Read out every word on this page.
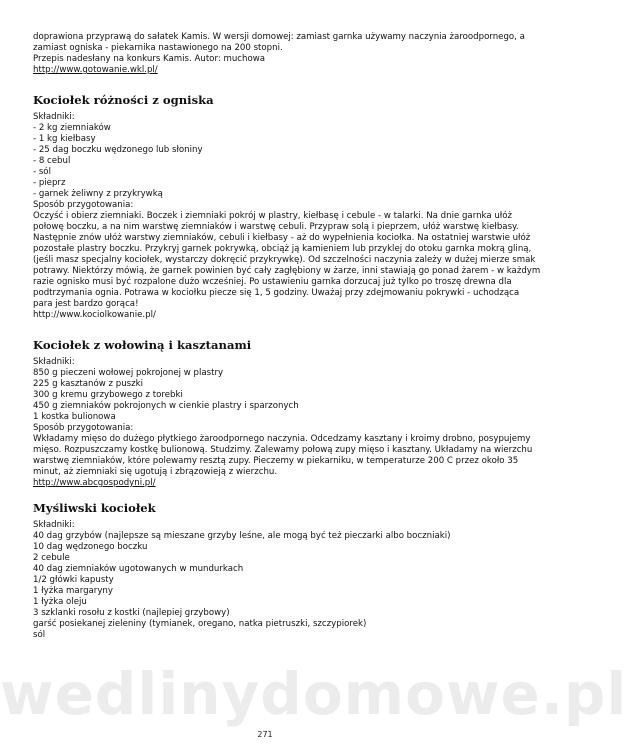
wedlinydomowe.pl
doprawiona przyprawą do sałatek Kamis. W wersji domowej: zamiast garnka używamy naczynia żaroodpornego, a
zamiast ogniska - piekarnika nastawionego na 200 stopni.
Przepis nadesłany na konkurs Kamis. Autor: muchowa
http://www.gotowanie.wkl.pl/
Kociołek różności z ogniska
Składniki:
- 2 kg ziemniaków
- 1 kg kiełbasy
- 25 dag boczku wędzonego lub słoniny
- 8 cebul
- sól
- pieprz
- garnek żeliwny z przykrywką
Sposób przygotowania:
Oczyść i obierz ziemniaki. Boczek i ziemniaki pokrój w plastry, kiełbasę i cebule - w talarki. Na dnie garnka ułóż
połowę boczku, a na nim warstwę ziemniaków i warstwę cebuli. Przypraw solą i pieprzem, ułóż warstwę kiełbasy.
Następnie znów ułóż warstwy ziemniaków, cebuli i kiełbasy - aż do wypełnienia kociołka. Na ostatniej warstwie ułóż
pozostałe plastry boczku. Przykryj garnek pokrywką, obciąż ją kamieniem lub przyklej do otoku garnka mokrą gliną,
(jeśli masz specjalny kociołek, wystarczy dokręcić przykrywkę). Od szczelności naczynia zależy w dużej mierze smak
potrawy. Niektórzy mówią, że garnek powinien być cały zagłębiony w żarze, inni stawiają go ponad żarem - w każdym
razie ognisko musi być rozpalone dużo wcześniej. Po ustawieniu garnka dorzucaj już tylko po troszę drewna dla
podtrzymania ognia. Potrawa w kociołku piecze się 1, 5 godziny. Uważaj przy zdejmowaniu pokrywki - uchodząca
para jest bardzo gorąca!
http://www.kociolkowanie.pl/
Kociołek z wołowiną i kasztanami
Składniki:
850 g pieczeni wołowej pokrojonej w plastry
225 g kasztanów z puszki
300 g kremu grzybowego z torebki
450 g ziemniaków pokrojonych w cienkie plastry i sparzonych
1 kostka bulionowa
Sposób przygotowania:
Wkładamy mięso do dużego płytkiego żaroodpornego naczynia. Odcedzamy kasztany i kroimy drobno, posypujemy
mięso. Rozpuszczamy kostkę bulionową. Studzimy. Zalewamy połową zupy mięso i kasztany. Układamy na wierzchu
warstwę ziemniaków, które polewamy resztą zupy. Pieczemy w piekarniku, w temperaturze 200 C przez około 35
minut, aż ziemniaki się ugotują i zbrązowieją z wierzchu.
http://www.abcgospodyni.pl/
Myśliwski kociołek
Składniki:
40 dag grzybów (najlepsze są mieszane grzyby leśne, ale mogą być też pieczarki albo boczniaki)
10 dag wędzonego boczku
2 cebule
40 dag ziemniaków ugotowanych w mundurkach
1/2 główki kapusty
1 łyżka margaryny
1 łyżka oleju
3 szklanki rosołu z kostki (najlepiej grzybowy)
garść posiekanej zieleniny (tymianek, oregano, natka pietruszki, szczypiorek)
sól
271
